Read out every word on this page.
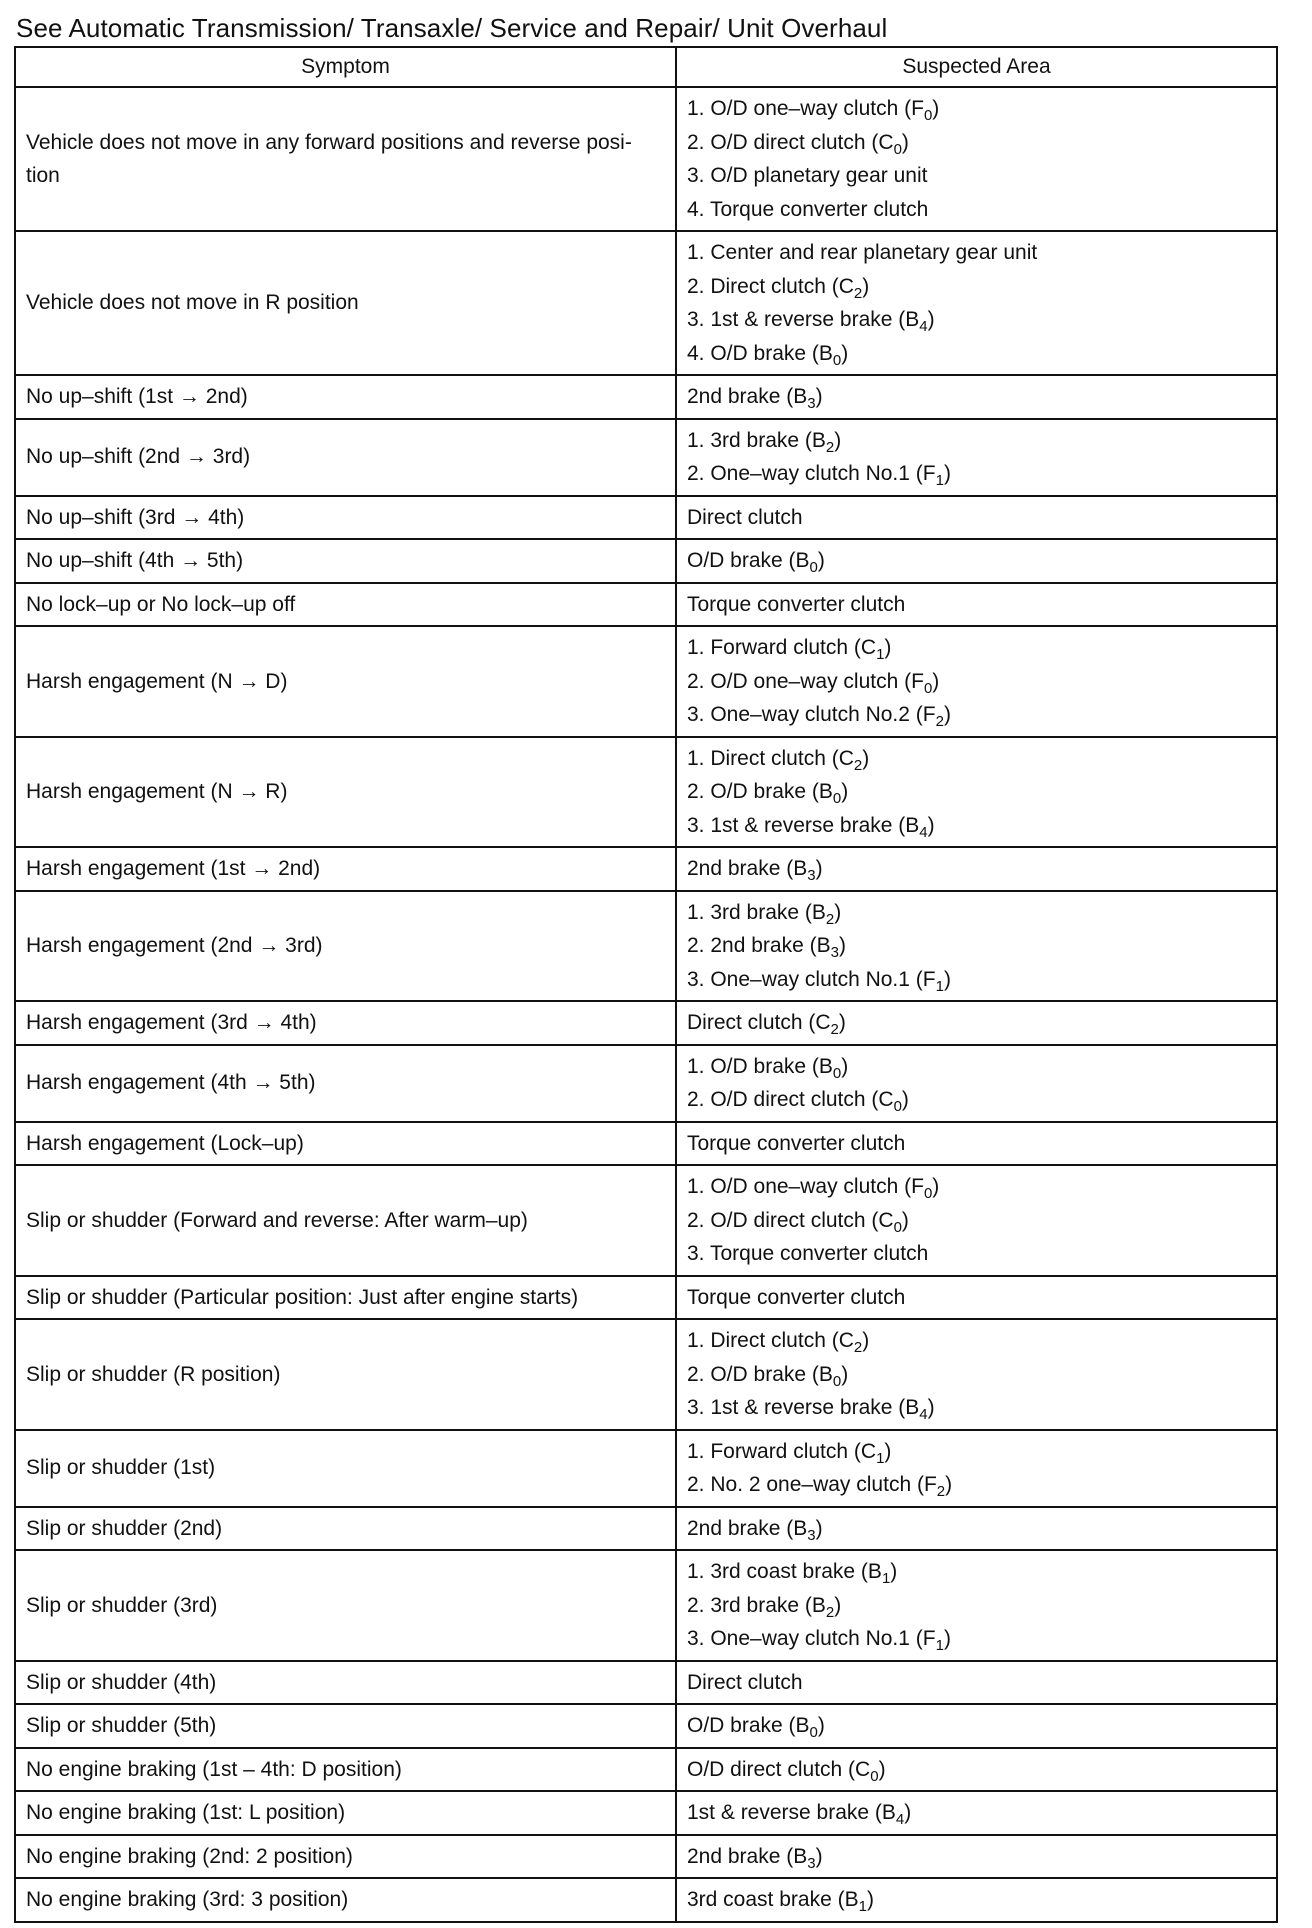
See Automatic Transmission/ Transaxle/ Service and Repair/ Unit Overhaul
Symptom	Suspected Area
Vehicle does not move in any forward positions and reverse posi-
tion	1. O/D one–way clutch $(F_0)$
2. O/D direct clutch $(C_0)$
3. O/D planetary gear unit
4. Torque converter clutch

Vehicle does not move in R position	1. Center and rear planetary gear unit
2. Direct clutch $(C_2)$
3. 1st & reverse brake $(B_4)$
4. O/D brake $(B_0)$

No up–shift (1st → 2nd)	2nd brake $(B_3)$

No up–shift (2nd → 3rd)	1. 3rd brake $(B_2)$
2. One–way clutch No.1 $(F_1)$

No up–shift (3rd → 4th)	Direct clutch

No up–shift (4th → 5th)	O/D brake $(B_0)$

No lock–up or No lock–up off	Torque converter clutch

Harsh engagement (N → D)	1. Forward clutch $(C_1)$
2. O/D one–way clutch $(F_0)$
3. One–way clutch No.2 $(F_2)$

Harsh engagement (N → R)	1. Direct clutch $(C_2)$
2. O/D brake $(B_0)$
3. 1st & reverse brake $(B_4)$

Harsh engagement (1st → 2nd)	2nd brake $(B_3)$

Harsh engagement (2nd → 3rd)	1. 3rd brake $(B_2)$
2. 2nd brake $(B_3)$
3. One–way clutch No.1 $(F_1)$

Harsh engagement (3rd → 4th)	Direct clutch $(C_2)$

Harsh engagement (4th → 5th)	1. O/D brake $(B_0)$
2. O/D direct clutch $(C_0)$

Harsh engagement (Lock–up)	Torque converter clutch

Slip or shudder (Forward and reverse: After warm–up)	1. O/D one–way clutch $(F_0)$
2. O/D direct clutch $(C_0)$
3. Torque converter clutch

Slip or shudder (Particular position: Just after engine starts)	Torque converter clutch

Slip or shudder (R position)	1. Direct clutch $(C_2)$
2. O/D brake $(B_0)$
3. 1st & reverse brake $(B_4)$

Slip or shudder (1st)	1. Forward clutch $(C_1)$
2. No. 2 one–way clutch $(F_2)$

Slip or shudder (2nd)	2nd brake $(B_3)$

Slip or shudder (3rd)	1. 3rd coast brake $(B_1)$
2. 3rd brake $(B_2)$
3. One–way clutch No.1 $(F_1)$

Slip or shudder (4th)	Direct clutch

Slip or shudder (5th)	O/D brake $(B_0)$

No engine braking (1st – 4th: D position)	O/D direct clutch $(C_0)$

No engine braking (1st: L position)	1st & reverse brake $(B_4)$

No engine braking (2nd: 2 position)	2nd brake $(B_3)$

No engine braking (3rd: 3 position)	3rd coast brake $(B_1)$
